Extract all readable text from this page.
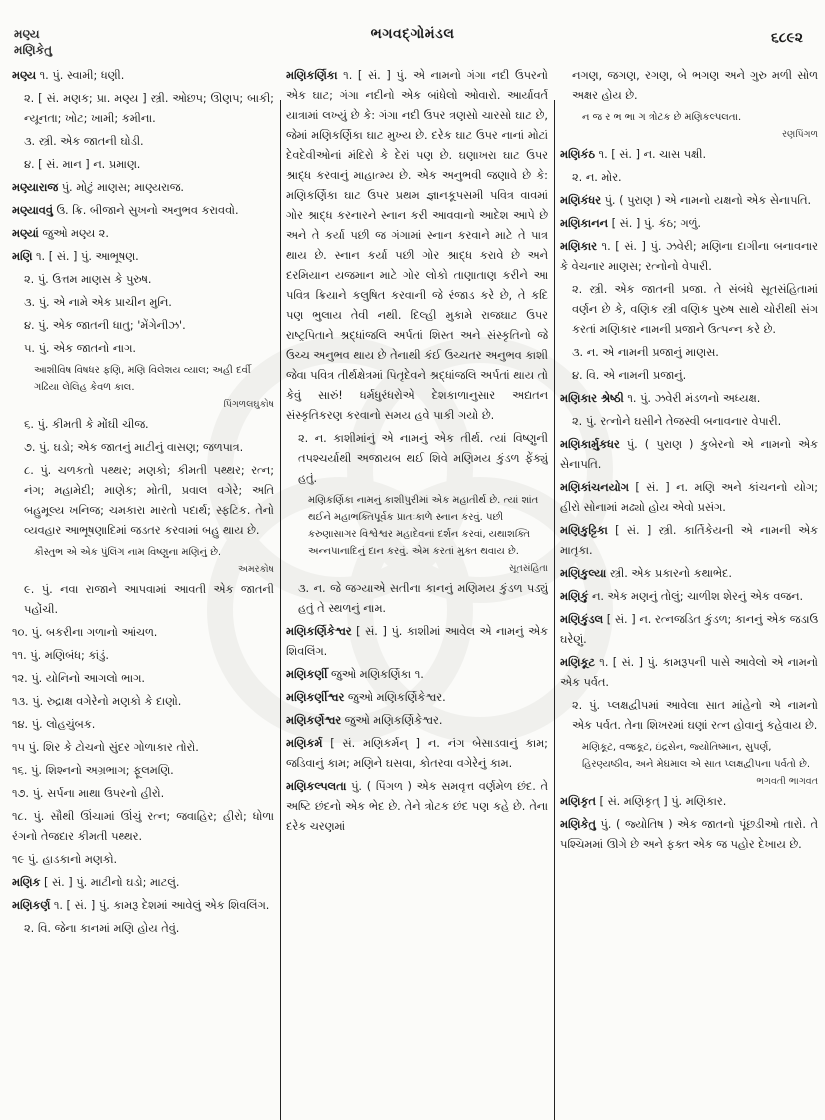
મણ્ય
મણિકેતુ
ભગવદ્ગોમંડલ	૬૮૯૨
મણ્ય ૧. પું. સ્વામી; ધણી.
૨. [ સં. મણક; પ્રા. મણ્ય ] સ્ત્રી. ઓછપ; ઊણપ; બાકી; ન્યૂનતા; ખોટ; ખામી; કમીના.
૩. સ્ત્રી. એક જાતની ઘોડી.
૪. [ સં. માન ] ન. પ્રમાણ.
મણ્યારાજ પું. મોટું માણસ; માણ્યરાજ.
મણ્યાવવું ઉ. ક્રિ. બીજાને સુખનો અનુભવ કરાવવો.
મણ્યાં જુઓ મણ્ય ૨.
મણિ ૧. [ સં. ] પું. આભૂષણ.
૨. પું. ઉત્તમ માણસ કે પુરુષ.
૩. પું. એ નામે એક પ્રાચીન મુનિ.
૪. પું. એક જાતની ધાતુ; 'મેંગેનીઝ'.
૫. પું. એક જાતનો નાગ.
આશીવિષ વિષધર ફણિ, મણિ વિલેશય વ્યાલ; અહી દર્વી ગઢિયા લેલિહ કેવળ કાલ.
પિંગળલઘુકોષ
૬. પું. કીમતી કે મોંઘી ચીજ.
૭. પું. ઘડો; એક જાતનું માટીનું વાસણ; જળપાત્ર.
૮. પું. ચળકતો પથ્થર; મણકો; કીમતી પથ્થર; રત્ન; નંગ; મહામેદી; માણેક; મોતી, પ્રવાલ વગેરે; અતિ બહુમૂલ્ય ખનિજ; ચમકારા મારતો પદાર્થ; સ્ફટિક. તેનો વ્યવહાર આભૂષણાદિમાં જડતર કરવામાં બહુ થાય છે.
કૌસ્તુભ એ એક પુંલિંગ નામ વિષ્ણુના મણિનું છે.
અમરકોષ
૯. પું. નવા રાજાને આપવામાં આવતી એક જાતની પહોંચી.
૧૦. પું. બકરીના ગળાનો આંચળ.
૧૧. પું. મણિબંધ; કાંડું.
૧૨. પું. યોનિનો આગલો ભાગ.
૧૩. પું. રુદ્રાક્ષ વગેરેનો મણકો કે દાણો.
૧૪. પું. લોહચુંબક.
૧૫ પું. શિર કે ટોચનો સુંદર ગોળાકાર તોરો.
૧૬. પું. શિશ્નનો અગ્રભાગ; ફૂલમણિ.
૧૭. પું. સર્પના માથા ઉપરનો હીરો.
૧૮. પું. સૌથી ઊંચામાં ઊંચું રત્ન; જવાહિર; હીરો; ધોળા રંગનો તેજદાર કીમતી પથ્થર.
૧૯ પું. હાડકાનો મણકો.
મણિક [ સં. ] પું. માટીનો ઘડો; માટલું.
મણિકર્ણ ૧. [ સં. ] પું. કામરૂ દેશમાં આવેલું એક શિવલિંગ.
૨. વિ. જેના કાનમાં મણિ હોય તેવું.
મણિકર્ણિકા ૧. [ સં. ] પું. એ નામનો ગંગા નદી ઉપરનો એક ઘાટ; ગંગા નદીનો એક બાંધેલો ઓવારો. આર્યાવર્ત યાત્રામાં લખ્યું છે કે: ગંગા નદી ઉપર ત્રણસો ચારસો ઘાટ છે, જેમાં મણિકર્ણિકા ઘાટ મુખ્ય છે. દરેક ઘાટ ઉપર નાનાં મોટાં દેવદેવીઓનાં મંદિરો કે દેરાં પણ છે. ઘણાખરા ઘાટ ઉપર શ્રાદ્ધ કરવાનું માહાત્મ્ય છે. એક અનુભવી જણાવે છે કે: મણિકર્ણિકા ઘાટ ઉપર પ્રથમ જ્ઞાનકૂપસમી પવિત્ર વાવમાં ગોર શ્રાદ્ધ કરનારને સ્નાન કરી આવવાનો આદેશ આપે છે અને તે કર્યા પછી જ ગંગામાં સ્નાન કરવાને માટે તે પાત્ર થાય છે. સ્નાન કર્યા પછી ગોર શ્રાદ્ધ કરાવે છે અને દરમિયાન યજમાન માટે ગોર લોકો તાણાતાણ કરીને આ પવિત્ર ક્રિયાને કલુષિત કરવાની જે રંજાડ કરે છે, તે કદિ પણ ભુલાય તેવી નથી. દિલ્હી મુકામે રાજઘાટ ઉપર રાષ્ટ્રપિતાને શ્રદ્ધાંજલિ અર્પતાં શિસ્ત અને સંસ્કૃતિનો જે ઉચ્ચ અનુભવ થાય છે તેનાથી કંઈ ઉચ્ચતર અનુભવ કાશી જેવા પવિત્ર તીર્થક્ષેત્રમાં પિતૃદેવને શ્રદ્ધાંજલિ અર્પતાં થાય તો કેવું સારું! ધર્મધુરંધરોએ દેશકાળાનુસાર અદ્યતન સંસ્કૃતિકરણ કરવાનો સમય હવે પાકી ગયો છે.
૨. ન. કાશીમાંનું એ નામનું એક તીર્થ. ત્યાં વિષ્ણુની તપશ્ચર્યાથી અજાયબ થઈ શિવે મણિમય કુંડળ ફેંક્યું હતું.
મણિકર્ણિકા નામનું કાશીપુરીમાં એક મહાતીર્થ છે. ત્યાં શાંત થઈને મહાભક્તિપૂર્વક પ્રાતઃકાળે સ્નાન કરવું. પછી કરુણાસાગર વિશ્વેશ્વર મહાદેવનાં દર્શન કરવાં, યથાશક્તિ અન્નપાનાદિનું દાન કરવું. એમ કરતાં મુક્ત થવાય છે.
સૂતસંહિતા
૩. ન. જે જગ્યાએ સતીના કાનનું મણિમય કુંડળ પડ્યું હતું તે સ્થળનું નામ.
મણિકર્ણિકેશ્વર [ સં. ] પું. કાશીમાં આવેલ એ નામનું એક શિવલિંગ.
મણિકર્ણી જુઓ મણિકર્ણિકા ૧.
મણિકર્ણીશ્વર જુઓ મણિકર્ણિકેશ્વર.
મણિકર્ણેશ્વર જુઓ મણિકર્ણિકેશ્વર.
મણિકર્મ [ સં. મણિકર્મન્ ] ન. નંગ બેસાડવાનું કામ; જડિવાનું કામ; મણિને ઘસવા, કોતરવા વગેરેનું કામ.
મણિકલ્પલતા પું. ( પિંગળ ) એક સમવૃત્ત વર્ણમેળ છંદ. તે અષ્ટિ છંદનો એક ભેદ છે. તેને ત્રોટક છંદ પણ કહે છે. તેના દરેક ચરણમાં
નગણ, જગણ, રગણ, બે ભગણ અને ગુરુ મળી સોળ અક્ષર હોય છે.
ન જ ર ભ ભા ગ ત્રોટક છે મણિકલ્પલતા.
રણપિંગળ
મણિકંઠ ૧. [ સં. ] ન. ચાસ પક્ષી.
૨. ન. મોર.
મણિકંધર પું. ( પુરાણ ) એ નામનો યક્ષનો એક સેનાપતિ.
મણિકાનન [ સં. ] પું. કંઠ; ગળું.
મણિકાર ૧. [ સં. ] પું. ઝવેરી; મણિના દાગીના બનાવનાર કે વેચનાર માણસ; રત્નોનો વેપારી.
૨. સ્ત્રી. એક જાતની પ્રજા. તે સંબંધે સૂતસંહિતામાં વર્ણન છે કે, વણિક સ્ત્રી વણિક પુરુષ સાથે ચોરીથી સંગ કરતાં મણિકાર નામની પ્રજાને ઉત્પન્ન કરે છે.
૩. ન. એ નામની પ્રજાનું માણસ.
૪. વિ. એ નામની પ્રજાનું.
મણિકાર શ્રેષ્ઠી ૧. પું. ઝવેરી મંડળનો અધ્યક્ષ.
૨. પું. રત્નોને ઘસીને તેજસ્વી બનાવનાર વેપારી.
મણિકાર્મુકધર પું. ( પુરાણ ) કુબેરનો એ નામનો એક સેનાપતિ.
મણિકાંચનયોગ [ સં. ] ન. મણિ અને કાંચનનો યોગ; હીરો સોનામાં મઢ્યો હોય એવો પ્રસંગ.
મણિકુટ્ટિકા [ સં. ] સ્ત્રી. કાર્તિકેયની એ નામની એક માતૃકા.
મણિકુલ્યા સ્ત્રી. એક પ્રકારનો કથાભેદ.
મણિકું ન. એક મણનું તોલું; ચાળીશ શેરનું એક વજન.
મણિકુંડલ [ સં. ] ન. રત્નજડિત કુંડળ; કાનનું એક જડાઉ ઘરેણું.
મણિકૂટ ૧. [ સં. ] પું. કામરૂપની પાસે આવેલો એ નામનો એક પર્વત.
૨. પું. પ્લક્ષદ્વીપમાં આવેલા સાત માંહેનો એ નામનો એક પર્વત. તેના શિખરમાં ઘણાં રત્ન હોવાનું કહેવાય છે.
મણિકૂટ, વજ્રકૂટ, ઇંદ્રસેન, જ્યોતિષ્માન, સુપર્ણ, હિરણ્યષ્ઠીવ, અને મેઘમાલ એ સાત પ્લક્ષદ્વીપના પર્વતો છે.
ભગવતી ભાગવત
મણિકૃત [ સં. મણિકૃત્ ] પું. મણિકાર.
મણિકેતુ પું. ( જ્યોતિષ ) એક જાતનો પૂંછડીઓ તારો. તે પશ્ચિમમાં ઊગે છે અને ફક્ત એક જ પહોર દેખાય છે.
